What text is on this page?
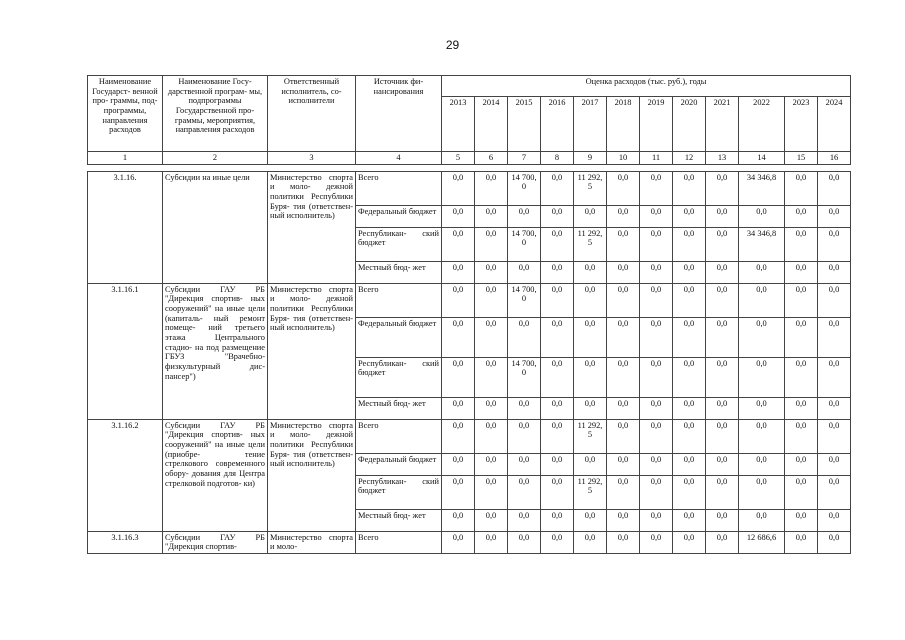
29
Наименование Государст- венной про- граммы, под- программы, направления расходов	Наименование Госу- дарственной програм- мы, подпрограммы Государственной про- граммы, мероприятия, направления расходов	Ответственный исполнитель, со- исполнители	Источник фи- нансирования	Оценка расходов (тыс. руб.), годы											
				2013	2014	2015	2016	2017	2018	2019	2020	2021	2022	2023	2024
1	2	3	4	5	6	7	8	9	10	11	12	13	14	15	16

3.1.16.	Субсидии на иные цели	Министерство спорта и моло- дежной политики Республики Буря- тия (ответствен- ный исполнитель)	Всего	0,0	0,0	14 700, 0	0,0	11 292, 5	0,0	0,0	0,0	0,0	34 346,8	0,0	0,0
			Федеральный бюджет	0,0	0,0	0,0	0,0	0,0	0,0	0,0	0,0	0,0	0,0	0,0	0,0
			Республикан- ский бюджет	0,0	0,0	14 700, 0	0,0	11 292, 5	0,0	0,0	0,0	0,0	34 346,8	0,0	0,0
			Местный бюд- жет	0,0	0,0	0,0	0,0	0,0	0,0	0,0	0,0	0,0	0,0	0,0	0,0
3.1.16.1	Субсидии ГАУ РБ "Дирекция спортив- ных сооружений" на иные цели (капиталь- ный ремонт помеще- ний третьего этажа Центрального стадио- на под размещение ГБУЗ "Врачебно- физкультурный дис- пансер")	Министерство спорта и моло- дежной политики Республики Буря- тия (ответствен- ный исполнитель)	Всего	0,0	0,0	14 700, 0	0,0	0,0	0,0	0,0	0,0	0,0	0,0	0,0	0,0
			Федеральный бюджет	0,0	0,0	0,0	0,0	0,0	0,0	0,0	0,0	0,0	0,0	0,0	0,0
			Республикан- ский бюджет	0,0	0,0	14 700, 0	0,0	0,0	0,0	0,0	0,0	0,0	0,0	0,0	0,0
			Местный бюд- жет	0,0	0,0	0,0	0,0	0,0	0,0	0,0	0,0	0,0	0,0	0,0	0,0
3.1.16.2	Субсидии ГАУ РБ "Дирекция спортив- ных сооружений" на иные цели (приобре- тение стрелкового современного обору- дования для Центра стрелковой подготов- ки)	Министерство спорта и моло- дежной политики Республики Буря- тия (ответствен- ный исполнитель)	Всего	0,0	0,0	0,0	0,0	11 292, 5	0,0	0,0	0,0	0,0	0,0	0,0	0,0
			Федеральный бюджет	0,0	0,0	0,0	0,0	0,0	0,0	0,0	0,0	0,0	0,0	0,0	0,0
			Республикан- ский бюджет	0,0	0,0	0,0	0,0	11 292, 5	0,0	0,0	0,0	0,0	0,0	0,0	0,0
			Местный бюд- жет	0,0	0,0	0,0	0,0	0,0	0,0	0,0	0,0	0,0	0,0	0,0	0,0
3.1.16.3	Субсидии ГАУ РБ "Дирекция спортив-	Министерство спорта и моло-	Всего	0,0	0,0	0,0	0,0	0,0	0,0	0,0	0,0	0,0	12 686,6	0,0	0,0
